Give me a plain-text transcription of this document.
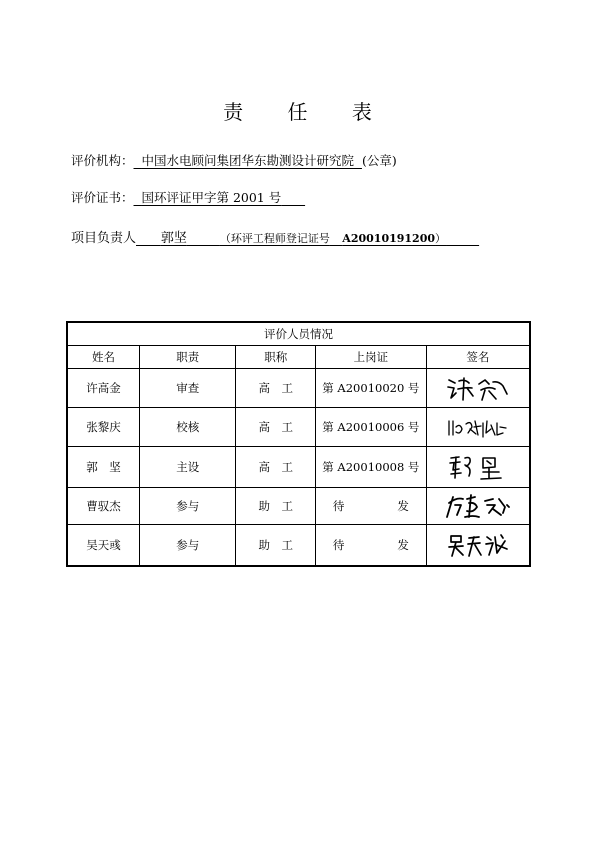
责 任 表
评价机构： 中国水电顾问集团华东勘测设计研究院 (公章)
评价证书： 国环评证甲字第 2001 号
项目负责人 郭坚	（环评工程师登记证号 A20010191200）
评价人员情况				
姓名	职责	职称	上岗证	签名
许高金	审查	高　工	第 A20010020 号	

张黎庆	校核	高　工	第 A20010006 号	

郭　坚	主设	高　工	第 A20010008 号	

曹驭杰	参与	助　工	待　　发	

吴天彧	参与	助　工	待　　发	
